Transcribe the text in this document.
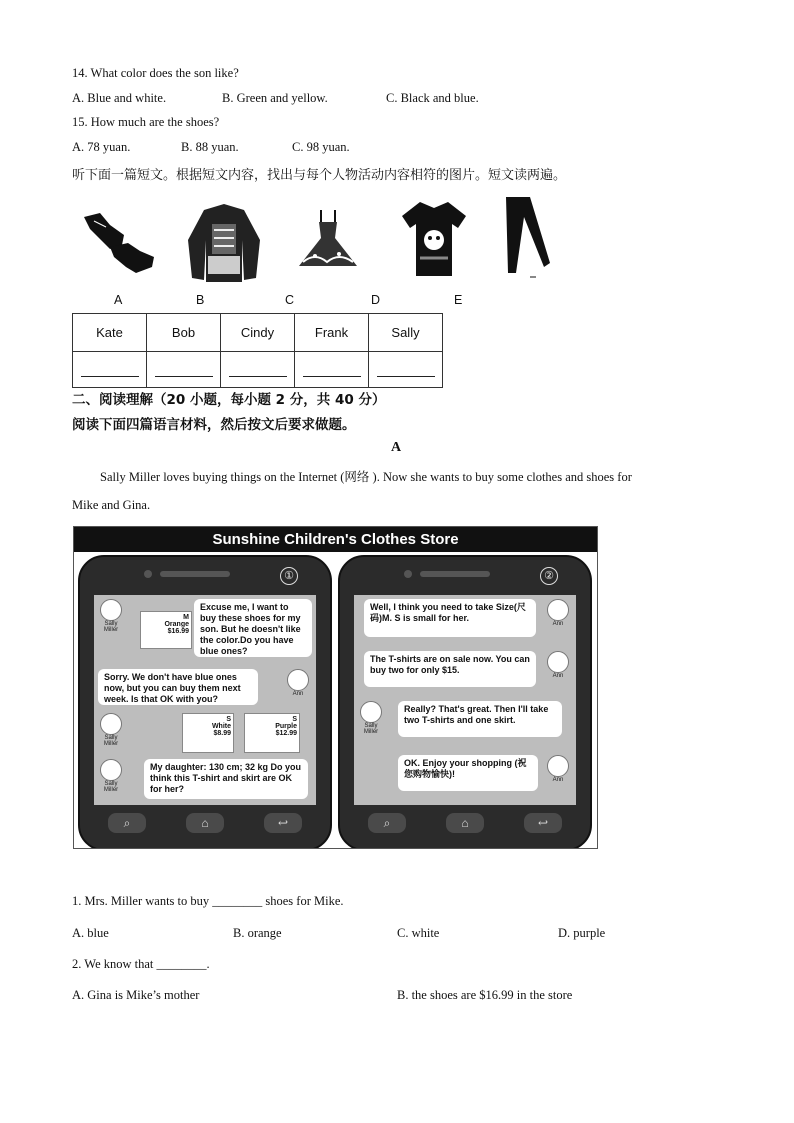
14. What color does the son like?
A. Blue and white.	B. Green and yellow.	C. Black and blue.
15. How much are the shoes?
A. 78 yuan.	B. 88 yuan.	C. 98 yuan.
听下面一篇短文。根据短文内容，找出与每个人物活动内容相符的图片。短文读两遍。
A	B	C	D	E
Kate	Bob	Cindy	Frank	Sally

二、阅读理解（20 小题，每小题 2 分，共 40 分）
阅读下面四篇语言材料，然后按文后要求做题。
A
Sally Miller loves buying things on the Internet (网络 ). Now she wants to buy some clothes and shoes for
Mike and Gina.
Sunshine Children's Clothes Store
①
Sally Miller
M
Orange
$16.99
Excuse me, I want to buy these shoes for my son. But he doesn't like the color.Do you have blue ones?
Sorry. We don't have blue ones now, but you can buy them next week. Is that OK with you?	Ann
Sally Miller
S
White
$8.99
S
Purple
$12.99
Sally Miller
My daughter: 130 cm; 32 kg Do you think this T-shirt and skirt are OK for her?
⌕	⌂	↩
②
Well, I think you need to take Size(尺码)M. S is small for her.
Ann
The T-shirts are on sale now. You can buy two for only $15.
Ann
Sally Miller
Really? That's great. Then I'll take two T-shirts and one skirt.
OK. Enjoy your shopping (祝您购物愉快)!
Ann
⌕	⌂	↩
1. Mrs. Miller wants to buy ________ shoes for Mike.
A. blue	B. orange	C. white	D. purple
2. We know that ________.
A. Gina is Mike’s mother	B. the shoes are $16.99 in the store
